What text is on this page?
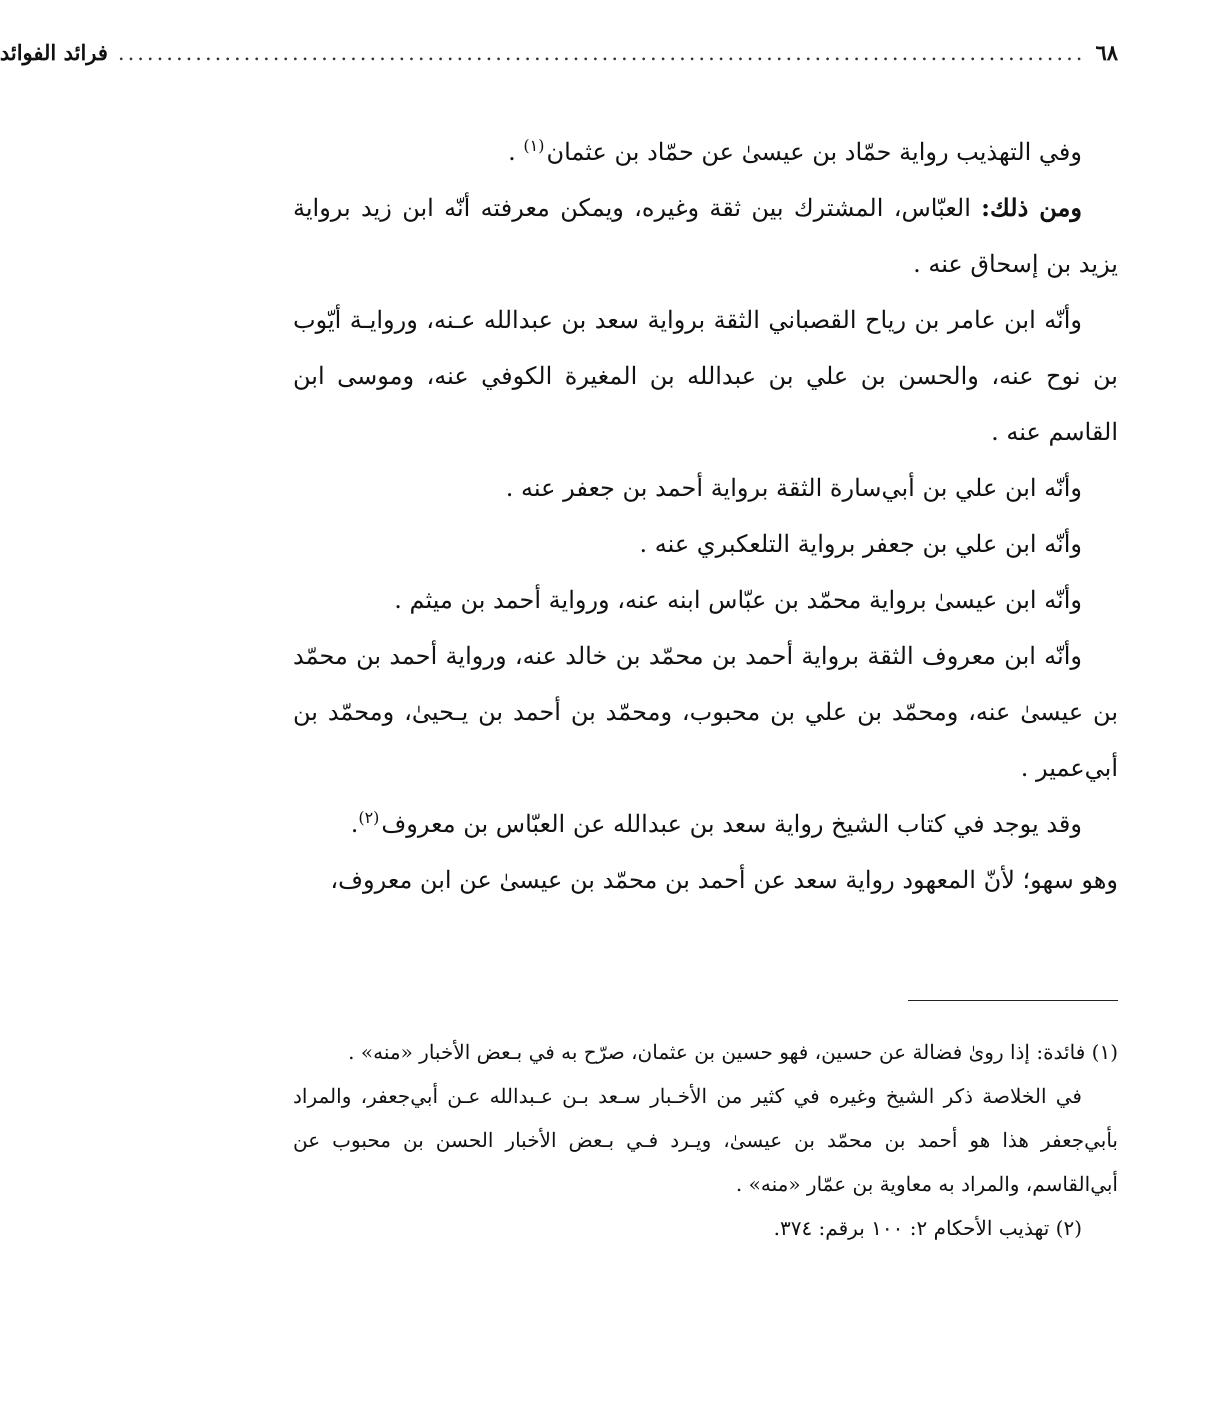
٦٨
....................................................................................................
فرائد الفوائد

وفي التهذيب رواية حمّاد بن عيسىٰ عن حمّاد بن عثمان$^{(١)}$ .

ومن ذلك: العبّاس، المشترك بين ثقة وغيره، ويمكن معرفته أنّه ابن زيد برواية يزيد بن إسحاق عنه .

وأنّه ابن عامر بن رياح القصباني الثقة برواية سعد بن عبدالله عـنه، وروايـة أيّوب بن نوح عنه، والحسن بن علي بن عبدالله بن المغيرة الكوفي عنه، وموسى ابن القاسم عنه .

وأنّه ابن علي بن أبي‌سارة الثقة برواية أحمد بن جعفر عنه .

وأنّه ابن علي بن جعفر برواية التلعكبري عنه .

وأنّه ابن عيسىٰ برواية محمّد بن عبّاس ابنه عنه، ورواية أحمد بن ميثم .

وأنّه ابن معروف الثقة برواية أحمد بن محمّد بن خالد عنه، ورواية أحمد بن محمّد بن عيسىٰ عنه، ومحمّد بن علي بن محبوب، ومحمّد بن أحمد بن يـحيىٰ، ومحمّد بن أبي‌عمير .

وقد يوجد في كتاب الشيخ رواية سعد بن عبدالله عن العبّاس بن معروف$^{(٢)}$.

وهو سهو؛ لأنّ المعهود رواية سعد عن أحمد بن محمّد بن عيسىٰ عن ابن معروف،

(١) فائدة: إذا روىٰ فضالة عن حسين، فهو حسين بن عثمان، صرّح به في بـعض الأخبار «منه» .

في الخلاصة ذكر الشيخ وغيره في كثير من الأخـبار سـعد بـن عـبدالله عـن أبي‌جعفر، والمراد بأبي‌جعفر هذا هو أحمد بن محمّد بن عيسىٰ، ويـرد فـي بـعض الأخبار الحسن بن محبوب عن أبي‌القاسم، والمراد به معاوية بن عمّار «منه» .

(٢) تهذيب الأحكام ٢: ١٠٠ برقم: ٣٧٤.
